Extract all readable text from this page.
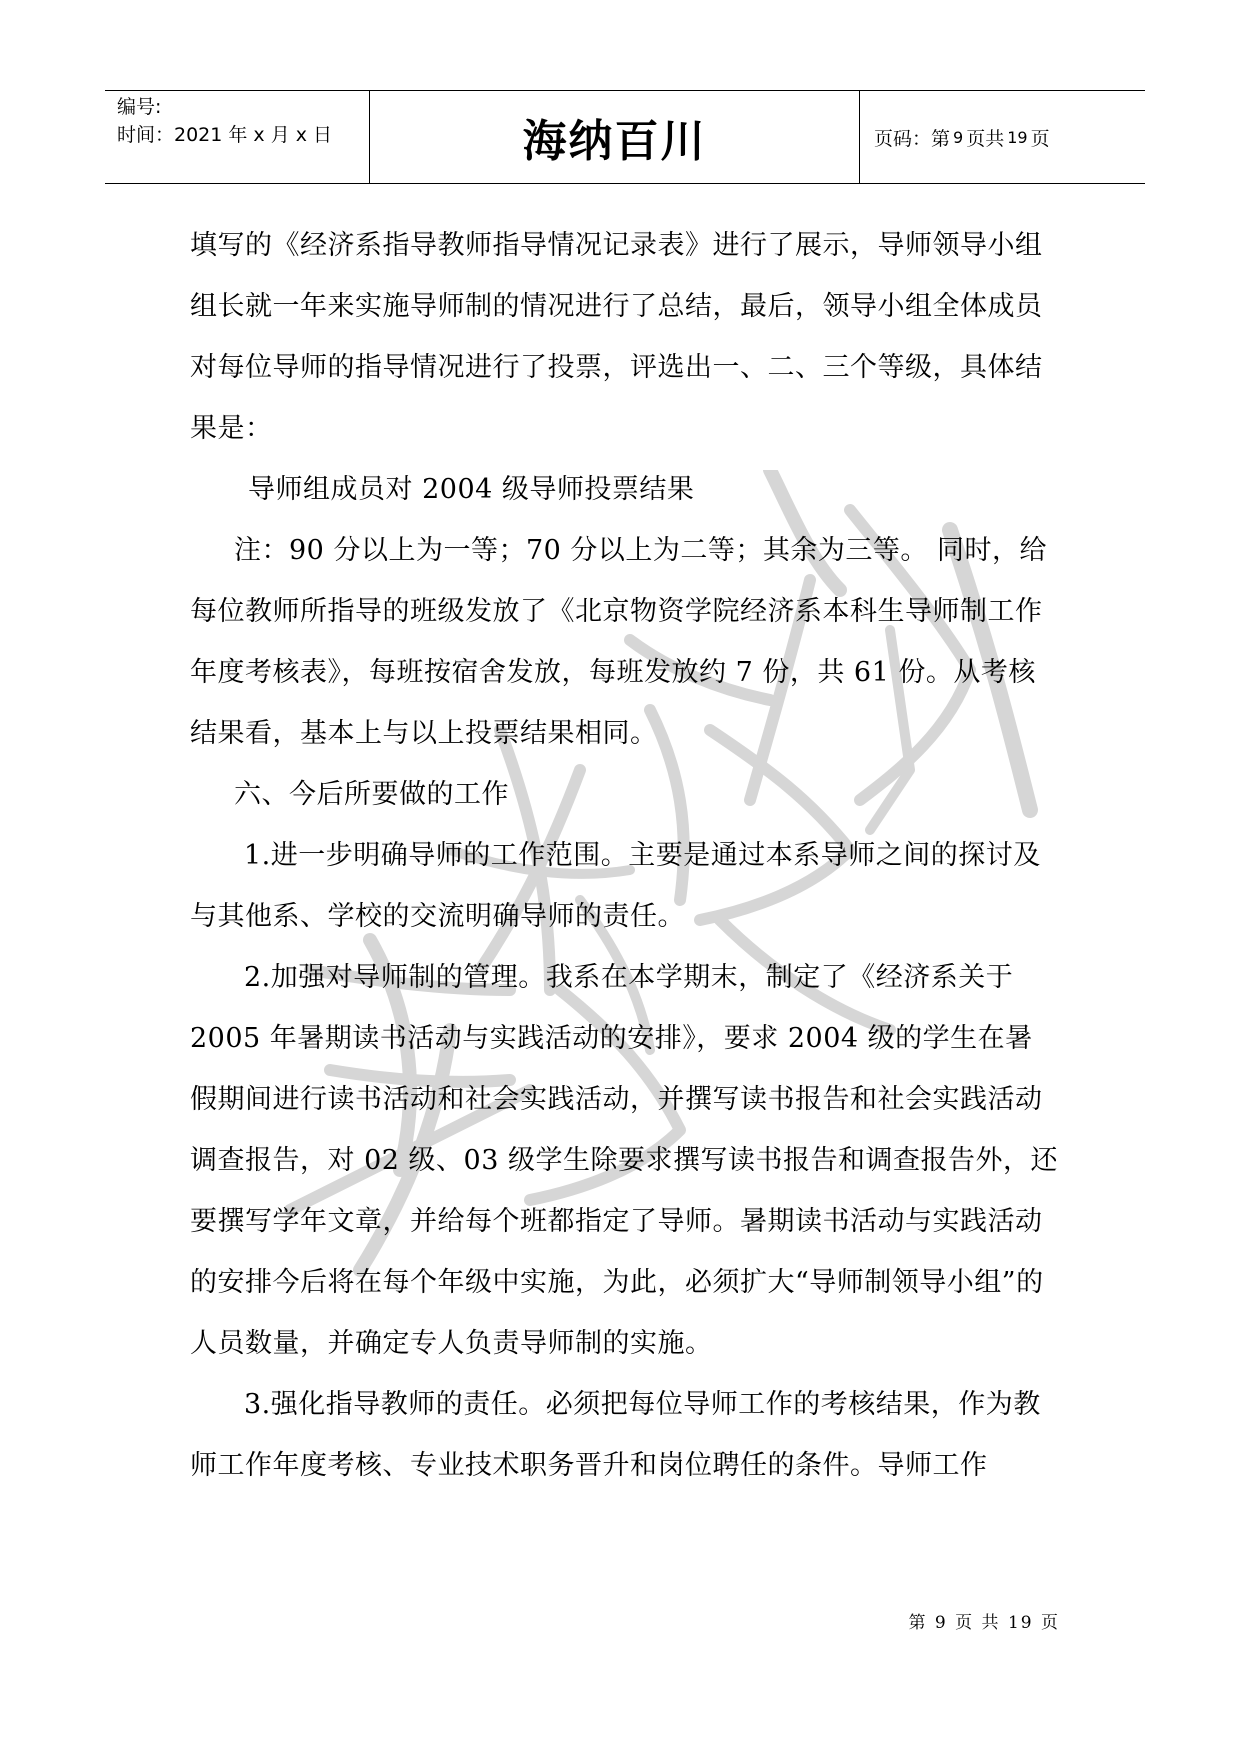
编号:
时间：2021 年 x 月 x 日	海纳百川	页码：第 9 页共 19 页

填写的《经济系指导教师指导情况记录表》进行了展示，导师领导小组组长就一年来实施导师制的情况进行了总结，最后，领导小组全体成员对每位导师的指导情况进行了投票，评选出一、二、三个等级，具体结果是：

导师组成员对 2004 级导师投票结果

注：90 分以上为一等；70 分以上为二等；其余为三等。 同时，给每位教师所指导的班级发放了《北京物资学院经济系本科生导师制工作年度考核表》，每班按宿舍发放，每班发放约 7 份，共 61 份。从考核结果看，基本上与以上投票结果相同。

六、今后所要做的工作

1.进一步明确导师的工作范围。主要是通过本系导师之间的探讨及与其他系、学校的交流明确导师的责任。

2.加强对导师制的管理。我系在本学期末，制定了《经济系关于 2005 年暑期读书活动与实践活动的安排》，要求 2004 级的学生在暑假期间进行读书活动和社会实践活动，并撰写读书报告和社会实践活动调查报告，对 02 级、03 级学生除要求撰写读书报告和调查报告外，还要撰写学年文章，并给每个班都指定了导师。暑期读书活动与实践活动的安排今后将在每个年级中实施，为此，必须扩大“导师制领导小组”的人员数量，并确定专人负责导师制的实施。

3.强化指导教师的责任。必须把每位导师工作的考核结果，作为教师工作年度考核、专业技术职务晋升和岗位聘任的条件。导师工作

第 9 页 共 19 页
